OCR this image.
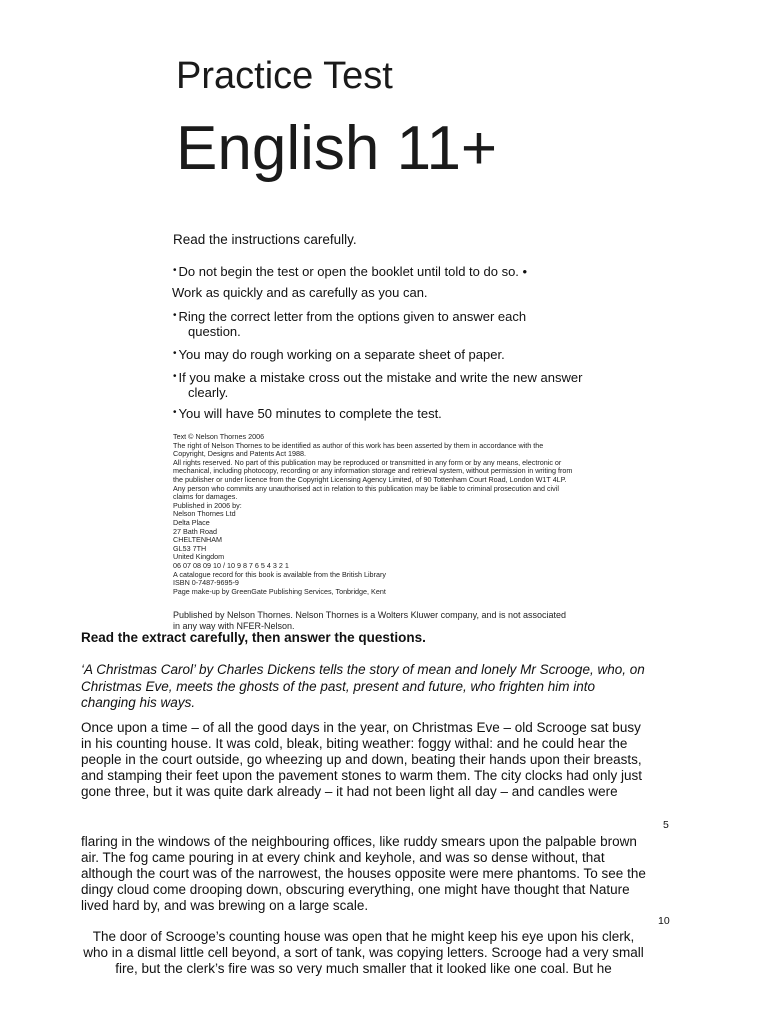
Practice Test
English 11+
Read the instructions carefully.
• Do not begin the test or open the booklet until told to do so. •
Work as quickly and as carefully as you can.
• Ring the correct letter from the options given to answer each
question.
• You may do rough working on a separate sheet of paper.
• If you make a mistake cross out the mistake and write the new answer
clearly.
• You will have 50 minutes to complete the test.
Text © Nelson Thornes 2006
The right of Nelson Thornes to be identified as author of this work has been asserted by them in accordance with the
Copyright, Designs and Patents Act 1988.
All rights reserved. No part of this publication may be reproduced or transmitted in any form or by any means, electronic or
mechanical, including photocopy, recording or any information storage and retrieval system, without permission in writing from
the publisher or under licence from the Copyright Licensing Agency Limited, of 90 Tottenham Court Road, London W1T 4LP.
Any person who commits any unauthorised act in relation to this publication may be liable to criminal prosecution and civil
claims for damages.
Published in 2006 by:
Nelson Thornes Ltd
Delta Place
27 Bath Road
CHELTENHAM
GL53 7TH
United Kingdom
06 07 08 09 10 / 10 9 8 7 6 5 4 3 2 1
A catalogue record for this book is available from the British Library
ISBN 0-7487-9695-9
Page make-up by GreenGate Publishing Services, Tonbridge, Kent
Published by Nelson Thornes. Nelson Thornes is a Wolters Kluwer company, and is not associated in any way with NFER-Nelson.
Read the extract carefully, then answer the questions.
‘A Christmas Carol’ by Charles Dickens tells the story of mean and lonely Mr Scrooge, who, on Christmas Eve, meets the ghosts of the past, present and future, who frighten him into changing his ways.
Once upon a time – of all the good days in the year, on Christmas Eve – old Scrooge sat busy in his counting house. It was cold, bleak, biting weather: foggy withal: and he could hear the people in the court outside, go wheezing up and down, beating their hands upon their breasts, and stamping their feet upon the pavement stones to warm them. The city clocks had only just gone three, but it was quite dark already – it had not been light all day – and candles were
5
flaring in the windows of the neighbouring offices, like ruddy smears upon the palpable brown air. The fog came pouring in at every chink and keyhole, and was so dense without, that although the court was of the narrowest, the houses opposite were mere phantoms. To see the dingy cloud come drooping down, obscuring everything, one might have thought that Nature lived hard by, and was brewing on a large scale.
10
The door of Scrooge’s counting house was open that he might keep his eye upon his clerk, who in a dismal little cell beyond, a sort of tank, was copying letters. Scrooge had a very small fire, but the clerk’s fire was so very much smaller that it looked like one coal. But he
